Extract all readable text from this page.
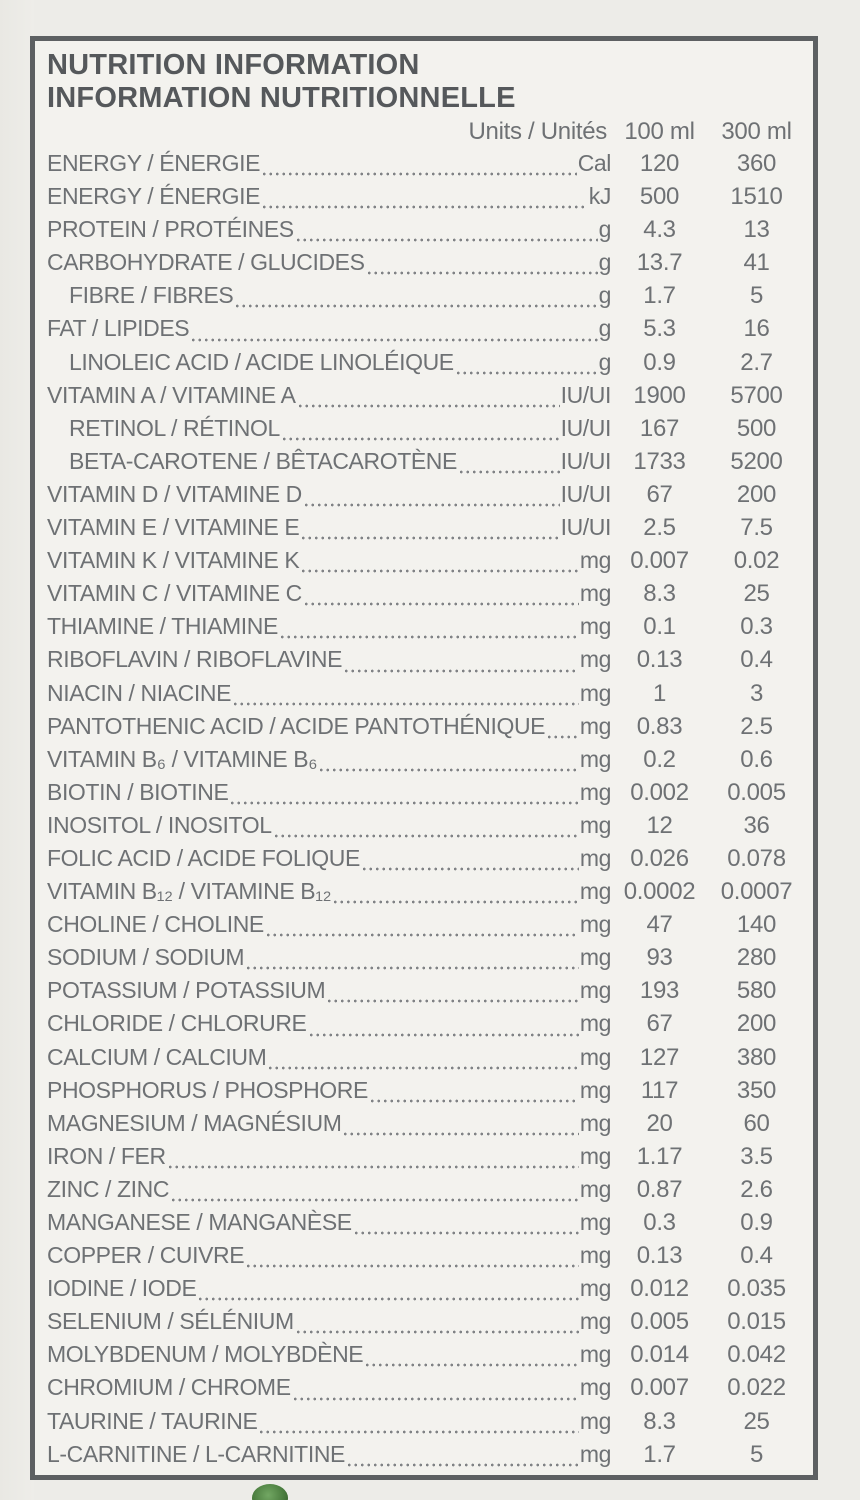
NUTRITION INFORMATION
INFORMATION NUTRITIONNELLE
Units / Unités 100 ml	300 ml
ENERGY / ÉNERGIE	Cal	120	360
ENERGY / ÉNERGIE	kJ	500	1510
PROTEIN / PROTÉINES	g	4.3	13
CARBOHYDRATE / GLUCIDES	g	13.7	41
FIBRE / FIBRES	g	1.7	5
FAT / LIPIDES	g	5.3	16
LINOLEIC ACID / ACIDE LINOLÉIQUE	g	0.9	2.7
VITAMIN A / VITAMINE A	IU/UI 1900	5700
RETINOL / RÉTINOL	IU/UI	167	500
BETA-CAROTENE / BÊTACAROTÈNE	IU/UI 1733	5200
VITAMIN D / VITAMINE D	IU/UI	67	200
VITAMIN E / VITAMINE E	IU/UI	2.5	7.5
VITAMIN K / VITAMINE K	mg 0.007	0.02
VITAMIN C / VITAMINE C	mg	8.3	25
THIAMINE / THIAMINE	mg	0.1	0.3
RIBOFLAVIN / RIBOFLAVINE	mg	0.13	0.4
NIACIN / NIACINE	mg	1	3
PANTOTHENIC ACID / ACIDE PANTOTHÉNIQUE mg	0.83	2.5
VITAMIN B₆ / VITAMINE B₆	mg	0.2	0.6
BIOTIN / BIOTINE	mg 0.002	0.005
INOSITOL / INOSITOL	mg	12	36
FOLIC ACID / ACIDE FOLIQUE	mg 0.026	0.078
VITAMIN B₁₂ / VITAMINE B₁₂	mg 0.0002	0.0007
CHOLINE / CHOLINE	mg	47	140
SODIUM / SODIUM	mg	93	280
POTASSIUM / POTASSIUM	mg	193	580
CHLORIDE / CHLORURE	mg	67	200
CALCIUM / CALCIUM	mg	127	380
PHOSPHORUS / PHOSPHORE	mg	117	350
MAGNESIUM / MAGNÉSIUM	mg	20	60
IRON / FER	mg	1.17	3.5
ZINC / ZINC	mg	0.87	2.6
MANGANESE / MANGANÈSE	mg	0.3	0.9
COPPER / CUIVRE	mg	0.13	0.4
IODINE / IODE	mg 0.012	0.035
SELENIUM / SÉLÉNIUM	mg 0.005	0.015
MOLYBDENUM / MOLYBDÈNE	mg 0.014	0.042
CHROMIUM / CHROME	mg 0.007	0.022
TAURINE / TAURINE	mg	8.3	25
L-CARNITINE / L-CARNITINE	mg	1.7	5
